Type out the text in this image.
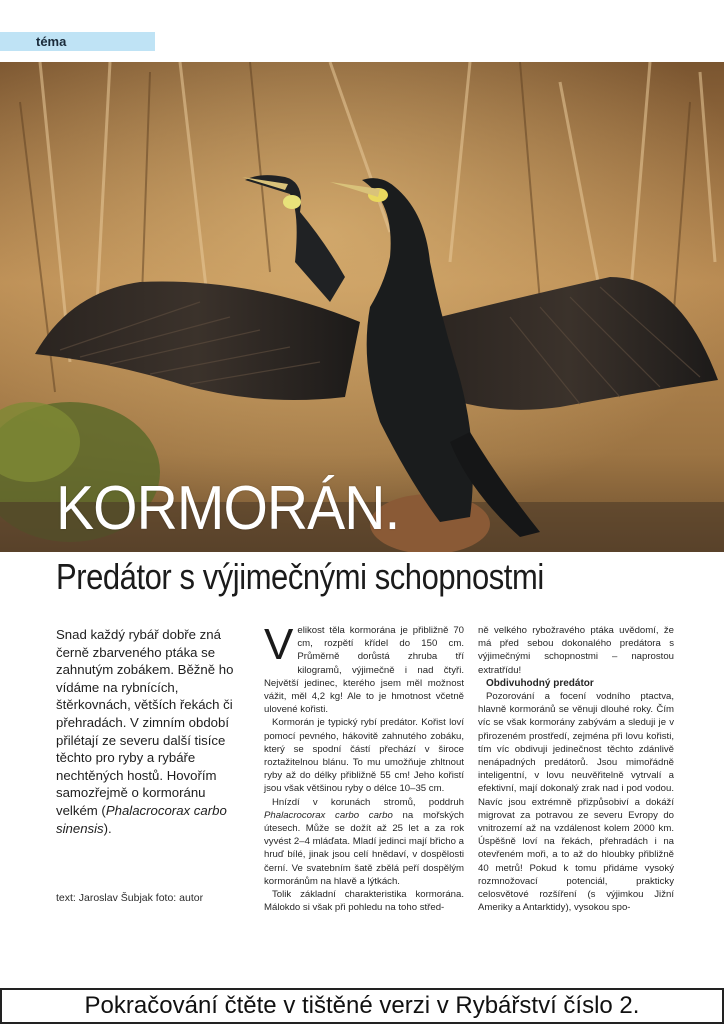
téma
KORMORÁN.
Predátor s výjimečnými schopnostmi
Snad každý rybář dobře zná černě zbarveného ptáka se zahnutým zobákem. Běžně ho vídáme na rybnících, štěrkovnách, větších řekách či přehradách. V zimním období přilétají ze severu další tisíce těchto pro ryby a rybáře nechtěných hostů. Hovořím samozřejmě o kormoránu velkém (Phalacrocorax carbo sinensis).
text: Jaroslav Šubjak foto: autor

Velikost těla kormorána je přibližně 70 cm, rozpětí křídel do 150 cm. Průměrně dorůstá zhruba tří kilogramů, výjimečně i nad čtyři. Největší jedinec, kterého jsem měl možnost vážit, měl 4,2 kg! Ale to je hmotnost včetně ulovené kořisti.

Kormorán je typický rybí predátor. Kořist loví pomocí pevného, hákovitě zahnutého zobáku, který se spodní částí přechází v široce roztažitelnou blánu. To mu umožňuje zhltnout ryby až do délky přibližně 55 cm! Jeho kořistí jsou však většinou ryby o délce 10–35 cm.

Hnízdí v korunách stromů, poddruh Phalacrocorax carbo carbo na mořských útesech. Může se dožít až 25 let a za rok vyvést 2–4 mláďata. Mladí jedinci mají břicho a hruď bílé, jinak jsou celí hnědaví, v dospělosti černí. Ve svatebním šatě zbělá peří dospělým kormoránům na hlavě a lýtkách.

Tolik základní charakteristika kormorána. Málokdo si však při pohledu na toho střed-

ně velkého rybožravého ptáka uvědomí, že má před sebou dokonalého predátora s výjimečnými schopnostmi – naprostou extratřídu!

Obdivuhodný predátor

Pozorování a focení vodního ptactva, hlavně kormoránů se věnuji dlouhé roky. Čím víc se však kormorány zabývám a sleduji je v přirozeném prostředí, zejména při lovu kořisti, tím víc obdivuji jedinečnost těchto zdánlivě nenápadných predátorů. Jsou mimořádně inteligentní, v lovu neuvěřitelně vytrvalí a efektivní, mají dokonalý zrak nad i pod vodou. Navíc jsou extrémně přizpůsobiví a dokáží migrovat za potravou ze severu Evropy do vnitrozemí až na vzdálenost kolem 2000 km. Úspěšně loví na řekách, přehradách i na otevřeném moři, a to až do hloubky přibližně 40 metrů! Pokud k tomu přidáme vysoký rozmnožovací potenciál, prakticky celosvětové rozšíření (s výjimkou Jižní Ameriky a Antarktidy), vysokou spo-

Pokračování čtěte v tištěné verzi v Rybářství číslo 2.
